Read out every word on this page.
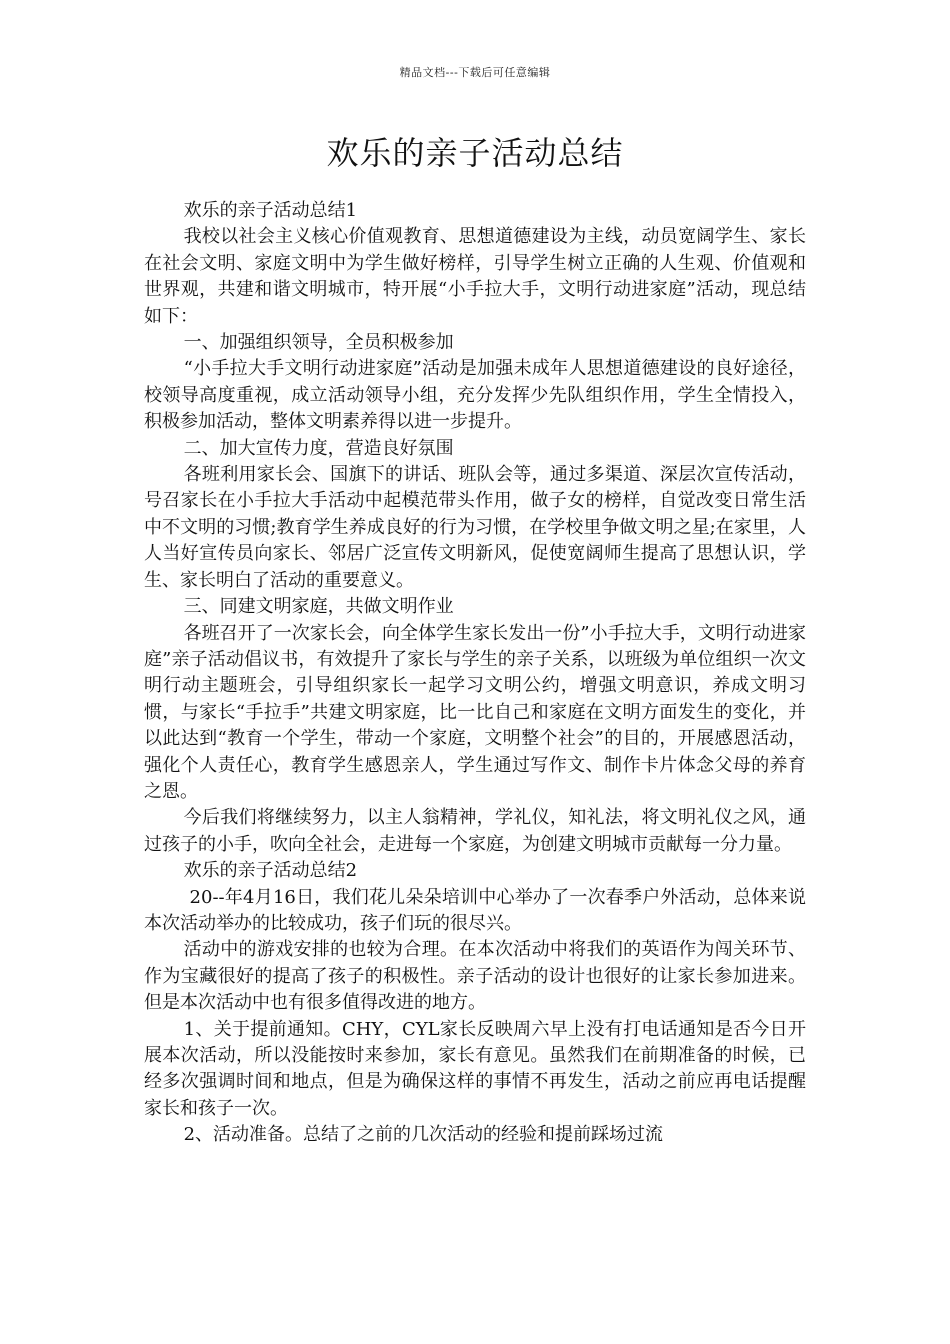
精品文档---下载后可任意编辑
欢乐的亲子活动总结

欢乐的亲子活动总结1

我校以社会主义核心价值观教育、思想道德建设为主线，动员宽阔学生、家长在社会文明、家庭文明中为学生做好榜样，引导学生树立正确的人生观、价值观和世界观，共建和谐文明城市，特开展“小手拉大手，文明行动进家庭”活动，现总结如下：

一、加强组织领导，全员积极参加

“小手拉大手文明行动进家庭”活动是加强未成年人思想道德建设的良好途径，校领导高度重视，成立活动领导小组，充分发挥少先队组织作用，学生全情投入，积极参加活动，整体文明素养得以进一步提升。

二、加大宣传力度，营造良好氛围

各班利用家长会、国旗下的讲话、班队会等，通过多渠道、深层次宣传活动，号召家长在小手拉大手活动中起模范带头作用，做子女的榜样，自觉改变日常生活中不文明的习惯;教育学生养成良好的行为习惯，在学校里争做文明之星;在家里，人人当好宣传员向家长、邻居广泛宣传文明新风，促使宽阔师生提高了思想认识，学生、家长明白了活动的重要意义。

三、同建文明家庭，共做文明作业

各班召开了一次家长会，向全体学生家长发出一份”小手拉大手，文明行动进家庭”亲子活动倡议书，有效提升了家长与学生的亲子关系，以班级为单位组织一次文明行动主题班会，引导组织家长一起学习文明公约，增强文明意识，养成文明习惯，与家长“手拉手”共建文明家庭，比一比自己和家庭在文明方面发生的变化，并以此达到“教育一个学生，带动一个家庭，文明整个社会”的目的，开展感恩活动，强化个人责任心，教育学生感恩亲人，学生通过写作文、制作卡片体念父母的养育之恩。

今后我们将继续努力，以主人翁精神，学礼仪，知礼法，将文明礼仪之风，通过孩子的小手，吹向全社会，走进每一个家庭，为创建文明城市贡献每一分力量。

欢乐的亲子活动总结2

20--年4月16日，我们花儿朵朵培训中心举办了一次春季户外活动，总体来说本次活动举办的比较成功，孩子们玩的很尽兴。

活动中的游戏安排的也较为合理。在本次活动中将我们的英语作为闯关环节、作为宝藏很好的提高了孩子的积极性。亲子活动的设计也很好的让家长参加进来。但是本次活动中也有很多值得改进的地方。

1、关于提前通知。CHY，CYL家长反映周六早上没有打电话通知是否今日开展本次活动，所以没能按时来参加，家长有意见。虽然我们在前期准备的时候，已经多次强调时间和地点，但是为确保这样的事情不再发生，活动之前应再电话提醒家长和孩子一次。

2、活动准备。总结了之前的几次活动的经验和提前踩场过流
